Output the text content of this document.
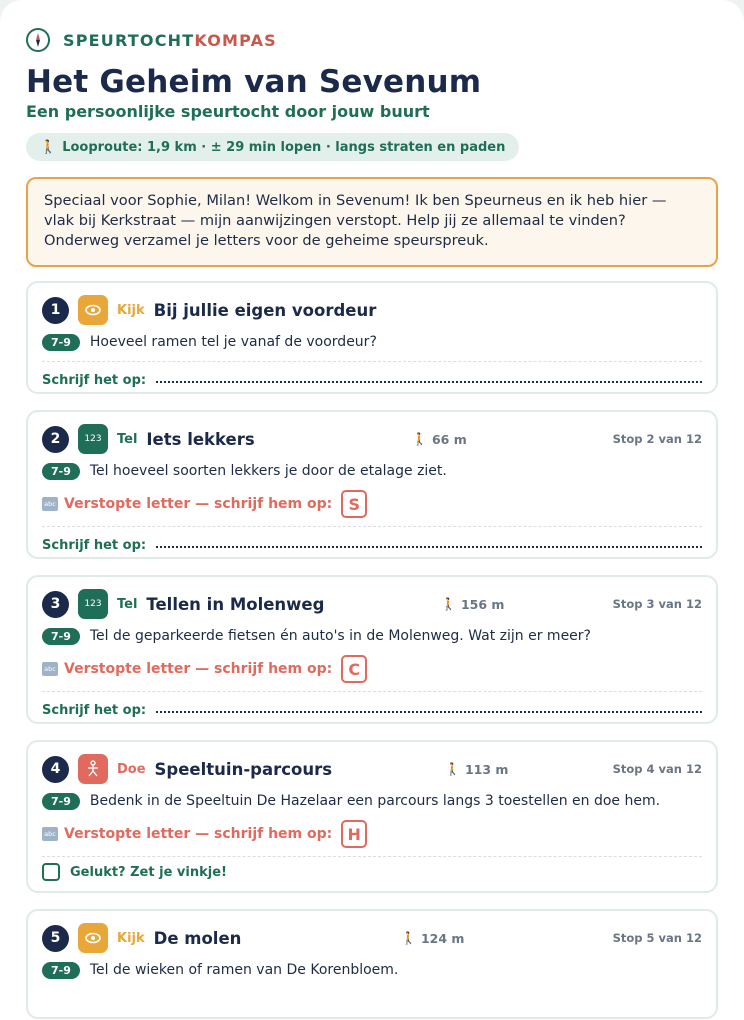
SPEURTOCHTKOMPAS
Het Geheim van Sevenum
Een persoonlijke speurtocht door jouw buurt
🚶 Looproute: 1,9 km · ± 29 min lopen · langs straten en paden
Speciaal voor Sophie, Milan! Welkom in Sevenum! Ik ben Speurneus en ik heb hier — vlak bij Kerkstraat — mijn aanwijzingen verstopt. Help jij ze allemaal te vinden? Onderweg verzamel je letters voor de geheime speurspreuk.
1	Kijk Bij jullie eigen voordeur
7-9	Hoeveel ramen tel je vanaf de voordeur?
Schrijf het op:
2	123	Tel Iets lekkers	🚶 66 m	Stop 2 van 12
7-9	Tel hoeveel soorten lekkers je door de etalage ziet.
abc Verstopte letter — schrijf hem op:	S
Schrijf het op:
3	123	Tel Tellen in Molenweg	🚶 156 m	Stop 3 van 12
7-9	Tel de geparkeerde fietsen én auto's in de Molenweg. Wat zijn er meer?
abc Verstopte letter — schrijf hem op:	C
Schrijf het op:
4	Doe Speeltuin-parcours	🚶 113 m	Stop 4 van 12
7-9	Bedenk in de Speeltuin De Hazelaar een parcours langs 3 toestellen en doe hem.
abc Verstopte letter — schrijf hem op: H
Gelukt? Zet je vinkje!
5	Kijk De molen	🚶 124 m	Stop 5 van 12
7-9	Tel de wieken of ramen van De Korenbloem.
